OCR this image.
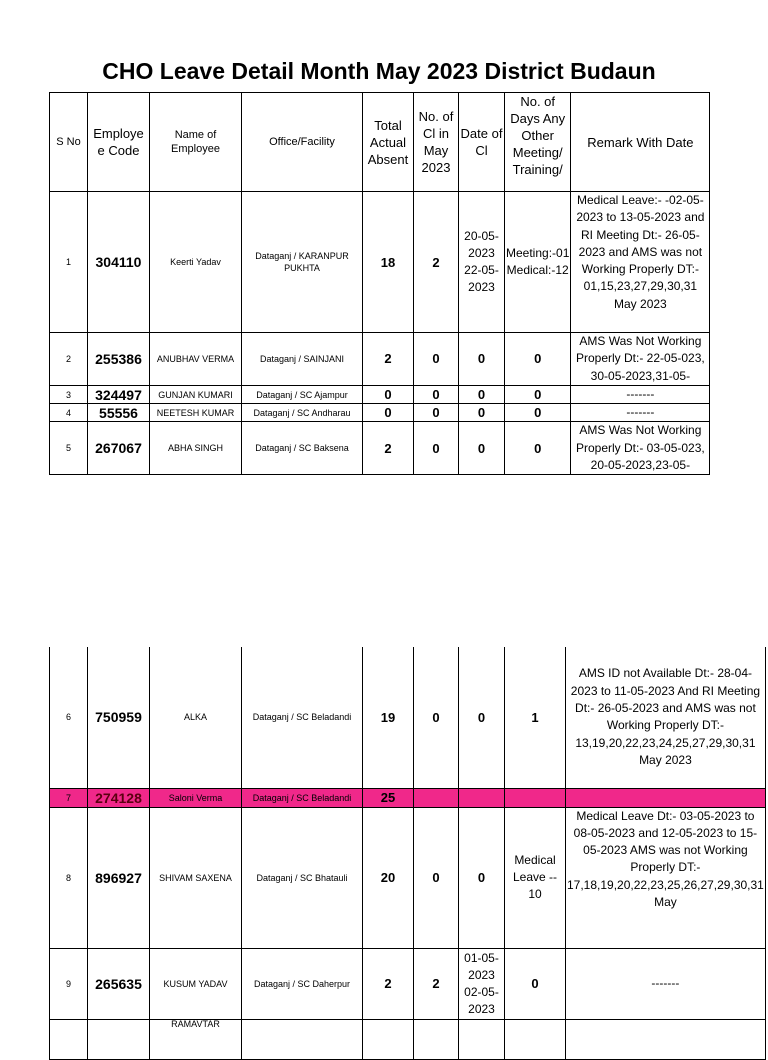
CHO Leave Detail Month May 2023 District Budaun
S No	Employe e Code	Name of Employee	Office/Facility	Total Actual Absent	No. of Cl in May 2023	Date of Cl	No. of Days Any Other Meeting/ Training/	Remark With Date
1	304110	Keerti Yadav	Dataganj / KARANPUR PUKHTA	18	2	20-05-2023 22-05-2023	Meeting:-01 Medical:-12	Medical Leave:- -02-05-2023 to 13-05-2023 and RI Meeting Dt:- 26-05-2023 and AMS was not Working Properly DT:- 01,15,23,27,29,30,31 May 2023
2	255386	ANUBHAV VERMA	Dataganj / SAINJANI	2	0	0	0	AMS Was Not Working Properly Dt:- 22-05-023, 30-05-2023,31-05-
3	324497	GUNJAN KUMARI	Dataganj / SC Ajampur	0	0	0	0	-------
4	55556	NEETESH KUMAR	Dataganj / SC Andharau	0	0	0	0	-------
5	267067	ABHA SINGH	Dataganj / SC Baksena	2	0	0	0	AMS Was Not Working Properly Dt:- 03-05-023, 20-05-2023,23-05-
6	750959	ALKA	Dataganj / SC Beladandi	19	0	0	1	AMS ID not Available Dt:- 28-04-2023 to 11-05-2023 And RI Meeting Dt:- 26-05-2023 and AMS was not Working Properly DT:- 13,19,20,22,23,24,25,27,29,30,31 May 2023
7	274128	Saloni Verma	Dataganj / SC Beladandi	25				
8	896927	SHIVAM SAXENA	Dataganj / SC Bhatauli	20	0	0	Medical Leave -- 10	Medical Leave Dt:- 03-05-2023 to 08-05-2023 and 12-05-2023 to 15-05-2023 AMS was not Working Properly DT:- 17,18,19,20,22,23,25,26,27,29,30,31 May
9	265635	KUSUM YADAV	Dataganj / SC Daherpur	2	2	01-05-2023 02-05-2023	0	-------
		RAMAVTAR						
